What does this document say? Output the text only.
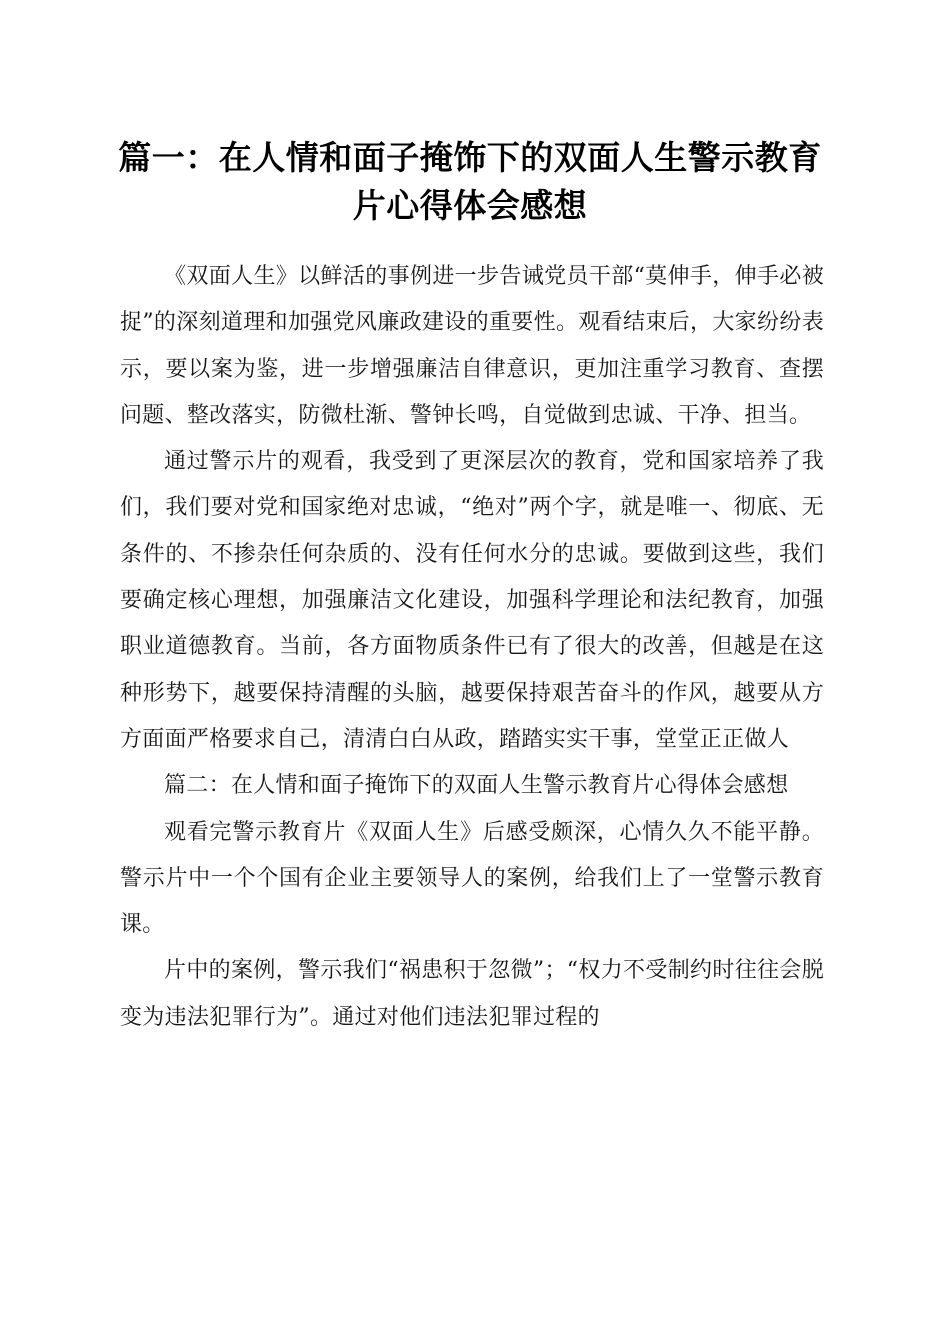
篇一：在人情和面子掩饰下的双面人生警示教育片心得体会感想

《双面人生》以鲜活的事例进一步告诫党员干部“莫伸手，伸手必被捉”的深刻道理和加强党风廉政建设的重要性。观看结束后，大家纷纷表示，要以案为鉴，进一步增强廉洁自律意识，更加注重学习教育、查摆问题、整改落实，防微杜渐、警钟长鸣，自觉做到忠诚、干净、担当。

通过警示片的观看，我受到了更深层次的教育，党和国家培养了我们，我们要对党和国家绝对忠诚，“绝对”两个字，就是唯一、彻底、无条件的、不掺杂任何杂质的、没有任何水分的忠诚。要做到这些，我们要确定核心理想，加强廉洁文化建设，加强科学理论和法纪教育，加强职业道德教育。当前，各方面物质条件已有了很大的改善，但越是在这种形势下，越要保持清醒的头脑，越要保持艰苦奋斗的作风，越要从方方面面严格要求自己，清清白白从政，踏踏实实干事，堂堂正正做人

篇二：在人情和面子掩饰下的双面人生警示教育片心得体会感想

观看完警示教育片《双面人生》后感受颇深，心情久久不能平静。警示片中一个个国有企业主要领导人的案例，给我们上了一堂警示教育课。

片中的案例，警示我们“祸患积于忽微”；“权力不受制约时往往会脱变为违法犯罪行为”。通过对他们违法犯罪过程的
